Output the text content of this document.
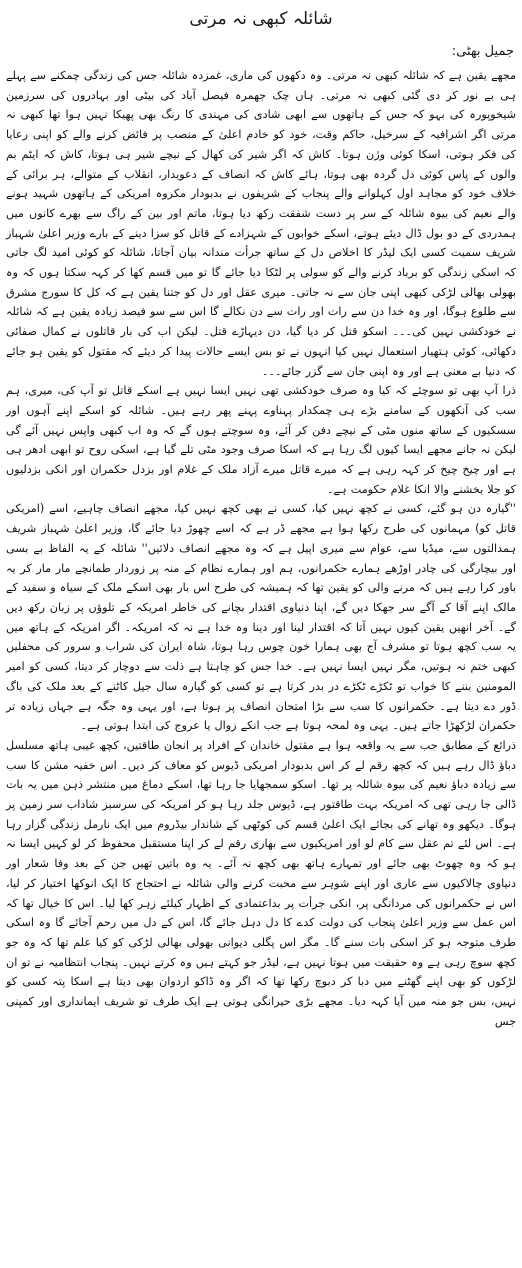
شائلہ کبھی نہ مرتی
جمیل بھٹی:

مجھے یقین ہے کہ شائلہ کبھی نہ مرتی۔ وہ دکھوں کی ماری، غمزدہ شائلہ جس کی زندگی چمکنے سے پہلے ہی بے نور کر دی گئی کبھی نہ مرتی۔ ہاں چک جھمرہ فیصل آباد کی بیٹی اور بہادروں کی سرزمین شیخوپورہ کی بہو کہ جس کے ہاتھوں سے ابھی شادی کی مہندی کا رنگ بھی پھیکا نہیں ہوا تھا کبھی نہ مرتی اگر اشرافیہ کے سرخیل، حاکم وقت، خود کو خادم اعلیٰ کے منصب پر فائض کرنے والے کو اپنی رعایا کی فکر ہوتی، اسکا کوئی وژن ہوتا۔ کاش کہ اگر شیر کی کھال کے نیچے شیر ہی ہوتا، کاش کہ ایٹم بم والوں کے پاس کوئی دل گردہ بھی ہوتا، ہائے کاش کہ انصاف کے دعویدار، انقلاب کے متوالے، ہر برائی کے خلاف خود کو مجاہد اول کہلوانے والے پنجاب کے شریفوں نے بدبودار مکروہ امریکی کے ہاتھوں شہید ہونے والے نعیم کی بیوہ شائلہ کے سر پر دست شفقت رکھ دیا ہوتا، ماتم اور بین کے راگ سے بھرے کانوں میں ہمدردی کے دو بول ڈال دیئے ہوتے، اسکے خوابوں کے شہزادے کے قاتل کو سزا دینے کے بارے وزیر اعلیٰ شہباز شریف سمیت کسی ایک لیڈر کا اخلاص دل کے ساتھ جرأت مندانہ بیان آجاتا، شائلہ کو کوئی امید لگ جاتی کہ اسکی زندگی کو برباد کرنے والے کو سولی پر لٹکا دیا جائے گا تو میں قسم کھا کر کہہ سکتا ہوں کہ وہ بھولی بھالی لڑکی کبھی اپنی جان سے نہ جاتی۔ میری عقل اور دل کو جتنا یقین ہے کہ کل کا سورج مشرق سے طلوع ہوگا، اور وہ خدا دن سے رات اور رات سے دن نکالے گا اس سے سو فیصد زیادہ یقین ہے کہ شائلہ نے خودکشی نہیں کی۔۔۔ اسکو قتل کر دیا گیا، دن دیہاڑے قتل۔ لیکن اب کی بار قاتلوں نے کمال صفائی دکھائی، کوئی ہتھیار استعمال نہیں کیا انہوں نے تو بس ایسے حالات پیدا کر دیئے کہ مقتول کو یقین ہو جائے کہ دنیا بے معنی ہے اور وہ اپنی جان سے گزر جائے۔۔۔

ذرا آپ بھی تو سوچئے کہ کیا وہ صرف خودکشی تھی نہیں ایسا نہیں ہے اسکے قاتل تو آپ کی، میری، ہم سب کی آنکھوں کے سامنے بڑے ہی چمکدار پہناوے پہنے پھر رہے ہیں۔ شائلہ کو اسکے اپنے آہوں اور سسکیوں کے ساتھ منوں مٹی کے نیچے دفن کر آئے، وہ سوچتے ہوں گے کہ وہ اب کبھی واپس نہیں آئے گی لیکن نہ جانے مجھے ایسا کیوں لگ رہا ہے کہ اسکا صرف وجود مٹی تلے گیا ہے، اسکی روح تو ابھی ادھر ہی ہے اور چیخ چیخ کر کہہ رہی ہے کہ میرے قاتل میرے آزاد ملک کے غلام اور بزدل حکمران اور انکی بزدلیوں کو جلا بخشنے والا انکا غلام حکومت ہے۔

''گیارہ دن ہو گئے، کسی نے کچھ نہیں کیا، کسی نے بھی کچھ نہیں کیا، مجھے انصاف چاہیے، اسے (امریکی قاتل کو) مہمانوں کی طرح رکھا ہوا ہے مجھے ڈر ہے کہ اسے چھوڑ دیا جائے گا، وزیر اعلیٰ شہباز شریف ہمدالتوں سے، میڈیا سے، عوام سے میری اپیل ہے کہ وہ مجھے انصاف دلائیں'' شائلہ کے یہ الفاظ بے بسی اور بیچارگی کی چادر اوڑھے ہمارے حکمرانوں، ہم اور ہمارے نظام کے منہ پر زوردار طمانچے مار مار کر یہ باور کرا رہے ہیں کہ مرنے والی کو یقین تھا کہ ہمیشہ کی طرح اس بار بھی اسکے ملک کے سیاہ و سفید کے مالک اپنے آقا کے آگے سر جھکا دیں گے، اپنا دنیاوی اقتدار بچانے کی خاطر امریکہ کے تلوؤں پر زبان رکھ دیں گے۔ آخر انھیں یقین کیوں نہیں آتا کہ اقتدار لینا اور دینا وہ خدا ہے نہ کہ امریکہ۔ اگر امریکہ کے ہاتھ میں یہ سب کچھ ہوتا تو مشرف آج بھی ہمارا خون چوس رہا ہوتا، شاہ ایران کی شراب و سرور کی محفلیں کبھی ختم نہ ہوتیں، مگر نہیں ایسا نہیں ہے۔ خدا جس کو چاہتا ہے ذلت سے دوچار کر دیتا، کسی کو امیر المومنین بننے کا خواب تو ٹکڑے ٹکڑے در بدر کرتا ہے تو کسی کو گیارہ سال جیل کاٹنے کے بعد ملک کی باگ ڈور دے دیتا ہے۔ حکمرانوں کا سب سے بڑا امتحان انصاف پر ہوتا ہے، اور یہی وہ جگہ ہے جہاں زیادہ تر حکمران لڑکھڑا جاتے ہیں۔ یہی وہ لمحہ ہوتا ہے جب انکے زوال یا عروج کی ابتدا ہوتی ہے۔

ذرائع کے مطابق جب سے یہ واقعہ ہوا ہے مقتول خاندان کے افراد پر انجان طاقتیں، کچھ غیبی ہاتھ مسلسل دباؤ ڈال رہے ہیں کہ کچھ رقم لے کر اس بدبودار امریکی ڈیوس کو معاف کر دیں۔ اس خفیہ مشن کا سب سے زیادہ دباؤ نعیم کی بیوہ شائلہ پر تھا۔ اسکو سمجھایا جا رہا تھا، اسکے دماغ میں منتشر ذہن میں یہ بات ڈالی جا رہی تھی کہ امریکہ بہت طاقتور ہے، ڈیوس جلد رہا ہو کر امریکہ کی سرسبز شاداب سر زمین پر ہوگا۔ دیکھو وہ تھانے کی بجائے ایک اعلیٰ قسم کی کوٹھی کے شاندار بیڈروم میں ایک نارمل زندگی گزار رہا ہے۔ اس لئے تم عقل سے کام لو اور امریکیوں سے بھاری رقم لے کر اپنا مستقبل محفوظ کر لو کہیں ایسا نہ ہو کہ وہ چھوٹ بھی جائے اور تمہارے ہاتھ بھی کچھ نہ آئے۔ یہ وہ باتیں تھیں جن کے بعد وفا شعار اور دنیاوی چالاکیوں سے عاری اور اپنے شوہر سے محبت کرنے والی شائلہ نے احتجاج کا ایک انوکھا اختیار کر لیا، اس نے حکمرانوں کی مردانگی پر، انکی جرأت پر بداعتمادی کے اظہار کیلئے زہر کھا لیا۔ اس کا خیال تھا کہ اس عمل سے وزیر اعلیٰ پنجاب کی دولت کدے کا دل دہل جائے گا، اس کے دل میں رحم آجائے گا وہ اسکی طرف متوجہ ہو کر اسکی بات سنے گا۔ مگر اس پگلی دیوانی بھولی بھالی لڑکی کو کیا علم تھا کہ وہ جو کچھ سوچ رہی ہے وہ حقیقت میں ہوتا نہیں ہے، لیڈر جو کہتے ہیں وہ کرتے نہیں۔ پنجاب انتظامیہ نے تو ان لڑکوں کو بھی اپنے گھٹنے میں دبا کر دبوچ رکھا تھا کہ اگر وہ ڈاکو اردوان بھی دیتا ہے اسکا پتہ کسی کو نہیں، بس جو منہ میں آیا کہہ دیا۔ مجھے بڑی حیرانگی ہوتی ہے ایک طرف تو شریف ایمانداری اور کمپنی جس
